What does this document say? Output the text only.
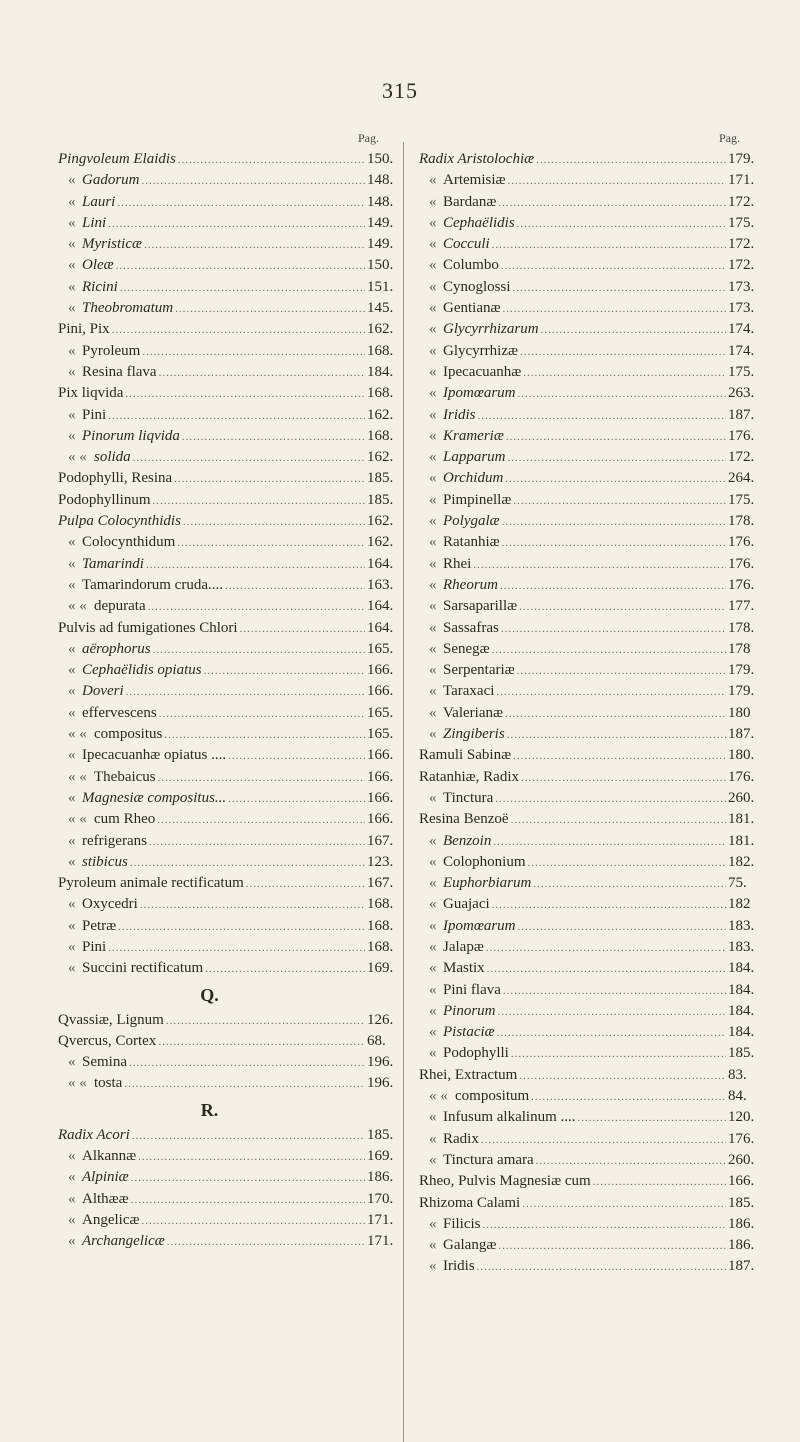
315
Pag.
Pingvoleum Elaidis .....	150.
« Gadorum .....	148.
« Lauri .....	148.
« Lini .....	149.
« Myristicæ .....	149.
« Oleæ .....	150.
« Ricini .....	151.
« Theobromatum .....	145.
Pini, Pix .....	162.
« Pyroleum .....	168.
« Resina flava .....	184.
Pix liqvida .....	168.
« Pini .....	162.
« Pinorum liqvida .....	168.
« « solida .....	162.
Podophylli, Resina .....	185.
Podophyllinum .....	185.
Pulpa Colocynthidis .....	162.
« Colocynthidum .....	162.
« Tamarindi .....	164.
« Tamarindorum cruda.... .....	163.
« « depurata .....	164.
Pulvis ad fumigationes Chlori .....	164.
« aërophorus .....	165.
« Cephaëlidis opiatus .....	166.
« Doveri .....	166.
« effervescens .....	165.
« « compositus .....	165.
« Ipecacuanhæ opiatus .... .....	166.
« « Thebaicus .....	166.
« Magnesiæ compositus... .....	166.
« « cum Rheo .....	166.
« refrigerans .....	167.
« stibicus .....	123.
Pyroleum animale rectificatum .....	167.
« Oxycedri .....	168.
« Petræ .....	168.
« Pini .....	168.
« Succini rectificatum .....	169.
Q.
Qvassiæ, Lignum .....	126.
Qvercus, Cortex .....	68.
« Semina .....	196.
« « tosta .....	196.
R.
Radix Acori .....	185.
« Alkannæ .....	169.
« Alpiniæ .....	186.
« Althææ .....	170.
« Angelicæ .....	171.
« Archangelicæ .....	171.
Pag.
Radix Aristolochiæ .....	179.
« Artemisiæ .....	171.
« Bardanæ .....	172.
« Cephaëlidis .....	175.
« Cocculi .....	172.
« Columbo .....	172.
« Cynoglossi .....	173.
« Gentianæ .....	173.
« Glycyrrhizarum .....	174.
« Glycyrrhizæ .....	174.
« Ipecacuanhæ .....	175.
« Ipomœarum .....	263.
« Iridis .....	187.
« Krameriæ .....	176.
« Lapparum .....	172.
« Orchidum .....	264.
« Pimpinellæ .....	175.
« Polygalæ .....	178.
« Ratanhiæ .....	176.
« Rhei .....	176.
« Rheorum .....	176.
« Sarsaparillæ .....	177.
« Sassafras .....	178.
« Senegæ .....	178
« Serpentariæ .....	179.
« Taraxaci .....	179.
« Valerianæ .....	180
« Zingiberis .....	187.
Ramuli Sabinæ .....	180.
Ratanhiæ, Radix .....	176.
« Tinctura .....	260.
Resina Benzoë .....	181.
« Benzoin .....	181.
« Colophonium .....	182.
« Euphorbiarum .....	75.
« Guajaci .....	182
« Ipomœarum .....	183.
« Jalapæ .....	183.
« Mastix .....	184.
« Pini flava .....	184.
« Pinorum .....	184.
« Pistaciæ .....	184.
« Podophylli .....	185.
Rhei, Extractum .....	83.
« « compositum .....	84.
« Infusum alkalinum .... .....	120.
« Radix .....	176.
« Tinctura amara .....	260.
Rheo, Pulvis Magnesiæ cum .....	166.
Rhizoma Calami .....	185.
« Filicis .....	186.
« Galangæ .....	186.
« Iridis .....	187.
